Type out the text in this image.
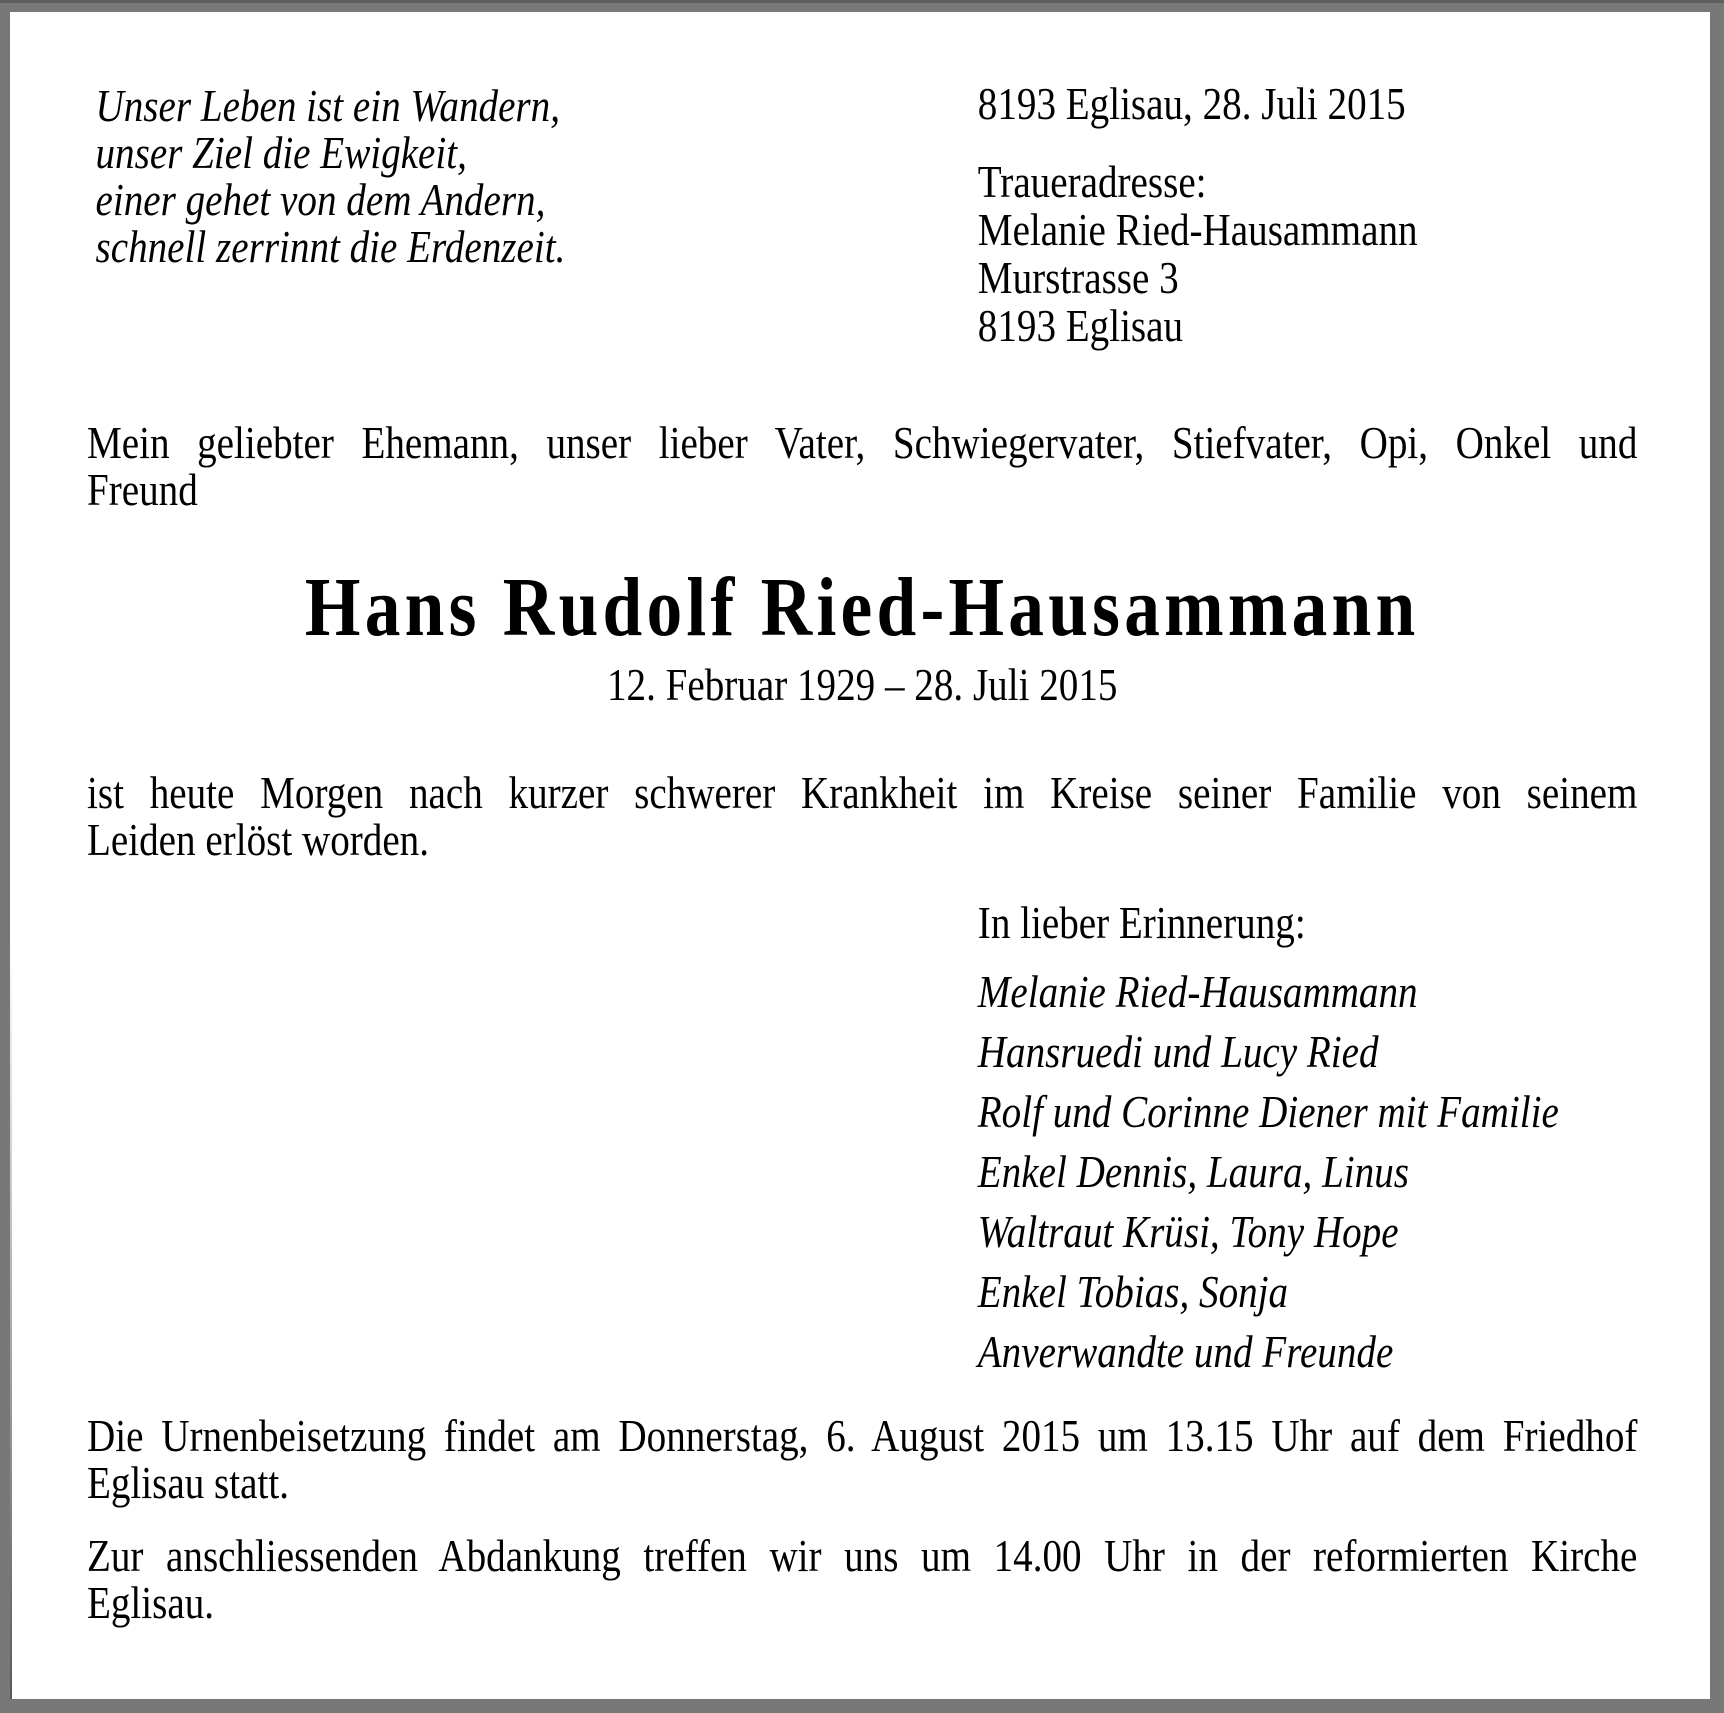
Unser Leben ist ein Wandern,
unser Ziel die Ewigkeit,
einer gehet von dem Andern,
schnell zerrinnt die Erdenzeit.
8193 Eglisau, 28. Juli 2015
Traueradresse:
Melanie Ried-Hausammann
Murstrasse 3
8193 Eglisau
Mein geliebter Ehemann, unser lieber Vater, Schwiegervater, Stiefvater, Opi, Onkel und
Freund
Hans Rudolf Ried-Hausammann
12. Februar 1929 – 28. Juli 2015
ist heute Morgen nach kurzer schwerer Krankheit im Kreise seiner Familie von seinem
Leiden erlöst worden.
In lieber Erinnerung:
Melanie Ried-Hausammann
Hansruedi und Lucy Ried
Rolf und Corinne Diener mit Familie
Enkel Dennis, Laura, Linus
Waltraut Krüsi, Tony Hope
Enkel Tobias, Sonja
Anverwandte und Freunde
Die Urnenbeisetzung findet am Donnerstag, 6. August 2015 um 13.15 Uhr auf dem Friedhof
Eglisau statt.
Zur anschliessenden Abdankung treffen wir uns um 14.00 Uhr in der reformierten Kirche
Eglisau.
